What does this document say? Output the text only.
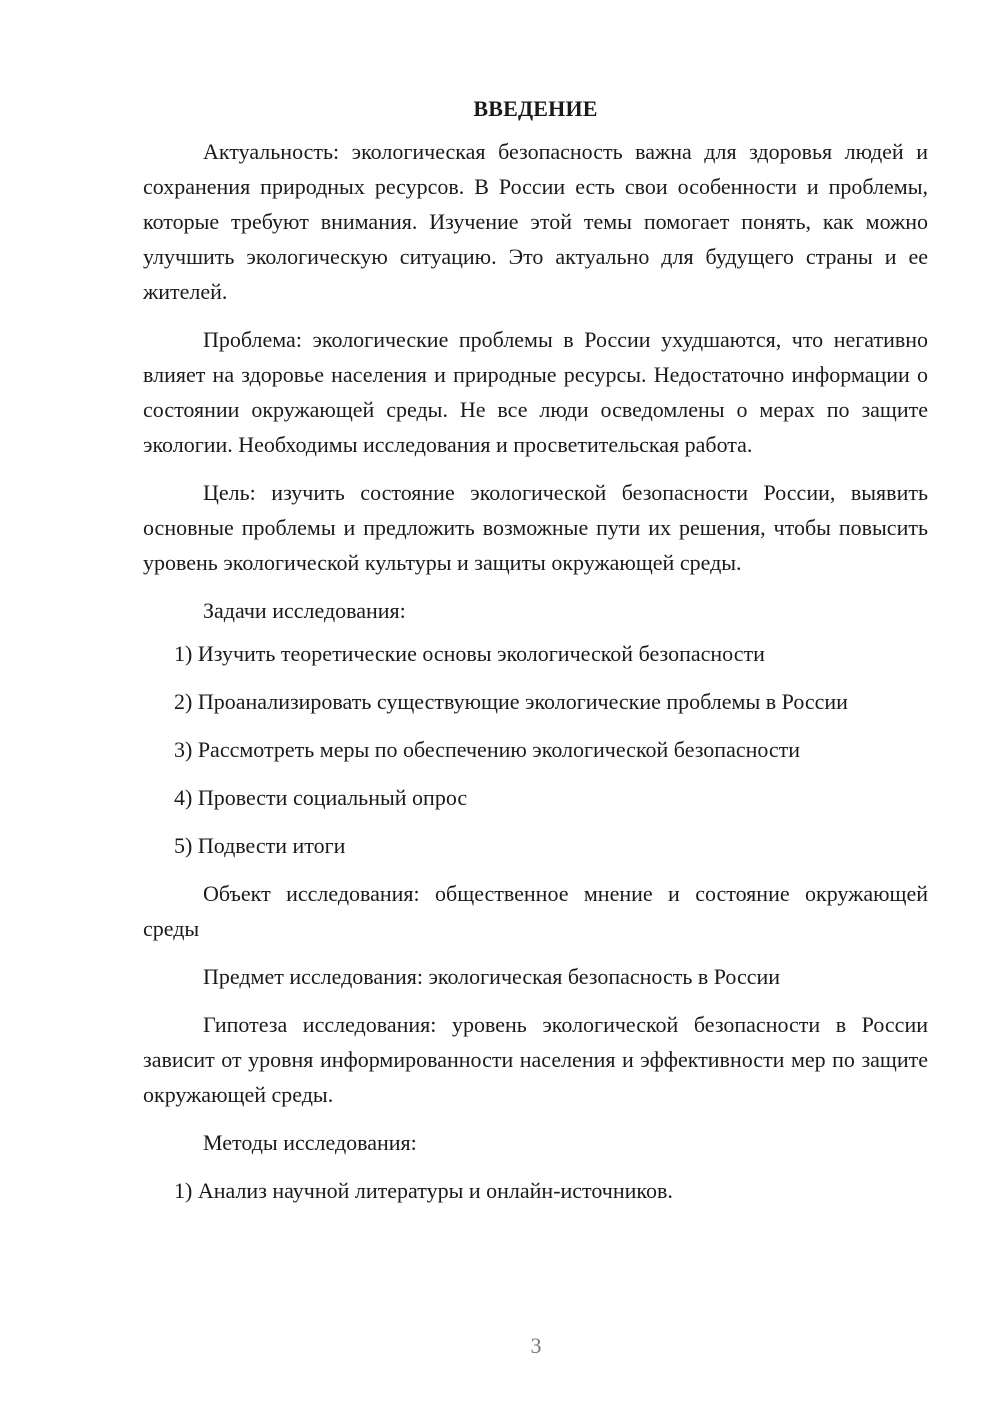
ВВЕДЕНИЕ

Актуальность: экологическая безопасность важна для здоровья людей и сохранения природных ресурсов. В России есть свои особенности и проблемы, которые требуют внимания. Изучение этой темы помогает понять, как можно улучшить экологическую ситуацию. Это актуально для будущего страны и ее жителей.

Проблема: экологические проблемы в России ухудшаются, что негативно влияет на здоровье населения и природные ресурсы. Недостаточно информации о состоянии окружающей среды. Не все люди осведомлены о мерах по защите экологии. Необходимы исследования и просветительская работа.

Цель: изучить состояние экологической безопасности России, выявить основные проблемы и предложить возможные пути их решения, чтобы повысить уровень экологической культуры и защиты окружающей среды.

Задачи исследования:

1) Изучить теоретические основы экологической безопасности

2) Проанализировать существующие экологические проблемы в России

3) Рассмотреть меры по обеспечению экологической безопасности

4) Провести социальный опрос

5) Подвести итоги

Объект исследования: общественное мнение и состояние окружающей среды

Предмет исследования: экологическая безопасность в России

Гипотеза исследования: уровень экологической безопасности в России зависит от уровня информированности населения и эффективности мер по защите окружающей среды.

Методы исследования:

1) Анализ научной литературы и онлайн-источников.

3
